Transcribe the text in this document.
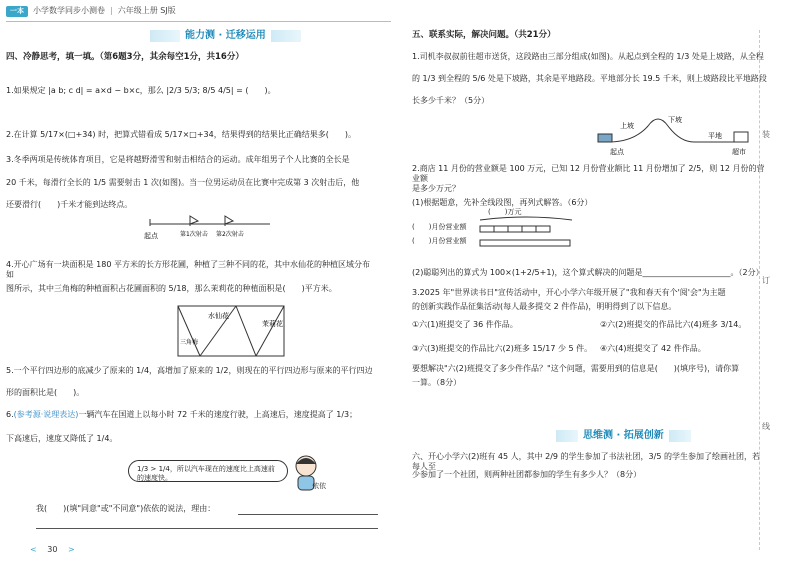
一本	小学数学同步小测卷 | 六年级上册 SJ版
能力测 · 迁移运用
四、冷静思考，填一填。（第6题3分，其余每空1分，共16分）
1.如果规定 |a b; c d| = a×d − b×c，那么 |2/3 5/3; 8/5 4/5| = (　　)。
2.在计算 5/17×(□+34) 时，把算式错看成 5/17×□+34，结果得到的结果比正确结果多(　　)。
3.冬季两项是传统体育项目，它是将越野滑雪和射击相结合的运动。成年组男子个人比赛的全长是
20 千米，每滑行全长的 1/5 需要射击 1 次(如图)。当一位男运动员在比赛中完成第 3 次射击后，他
还要滑行(　　)千米才能到达终点。
起点	第1次射击 第2次射击
4.开心广场有一块面积是 180 平方米的长方形花圃，种植了三种不同的花，其中水仙花的种植区域分布如
图所示，其中三角梅的种植面积占花圃面积的 5/18，那么茉莉花的种植面积是(　　)平方米。
三角梅
水仙花
茉莉花
5.一个平行四边形的底减少了原来的 1/4，高增加了原来的 1/2，则现在的平行四边形与原来的平行四边
形的面积比是(　　)。
6.(参考源·说理表达)一辆汽车在国道上以每小时 72 千米的速度行驶，上高速后，速度提高了 1/3；
下高速后，速度又降低了 1/4。
1/3 > 1/4，所以汽车现在的速度比上高速前的速度快。
依依
我(　　)(填"同意"或"不同意")依依的说法，理由：
< 30 >
五、联系实际，解决问题。（共21分）
1.司机李叔叔前往超市送货，这段路由三部分组成(如图)。从起点到全程的 1/3 处是上坡路，从全程
的 1/3 到全程的 5/6 处是下坡路，其余是平地路段。平地部分长 19.5 千米，则上坡路段比平地路段
长多少千米？（5分）
上坡
下坡
平地
起点	超市
2.商店 11 月份的营业额是 100 万元，已知 12 月份营业额比 11 月份增加了 2/5，则 12 月份的营业额
是多少万元？
(1)根据题意，先补全线段图，再列式解答。（6分）
( )万元
(　　)月份营业额
(　　)月份营业额
(2)聪聪列出的算式为 100×(1+2/5+1)，这个算式解决的问题是______________________。（2分）
3.2025 年"世界读书日"宣传活动中，开心小学六年级开展了"我和春天有个'阅'会"为主题
的创新实践作品征集活动(每人最多提交 2 件作品)，明明得到了以下信息。
①六(1)班提交了 36 件作品。	②六(2)班提交的作品比六(4)班多 3/14。
③六(3)班提交的作品比六(2)班多 15/17 少 5 件。 ④六(4)班提交了 42 件作品。
要想解决"六(2)班提交了多少件作品？"这个问题，需要用到的信息是(　　)(填序号)，请你算
一算。（8分）
思维测 · 拓展创新
六、开心小学六(2)班有 45 人，其中 2/9 的学生参加了书法社团，3/5 的学生参加了绘画社团，若每人至
少参加了一个社团，则两种社团都参加的学生有多少人？（8分）
装
订
线
